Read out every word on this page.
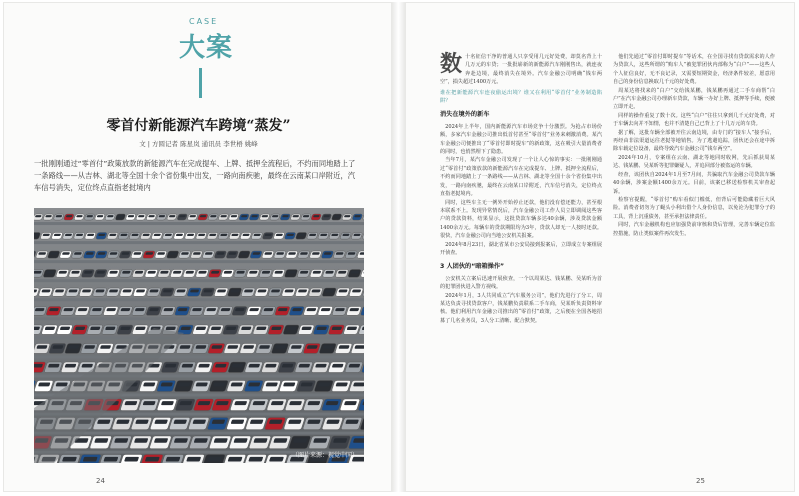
CASE
大案
零首付新能源汽车跨境“蒸发”
文 | 方圆记者 陈星岚 通讯员 李世梧 姚峰
一批刚刚通过“零首付”政策放款的新能源汽车在完成提车、上牌、抵押全流程后，不约而同地踏上了一条路线——从吉林、湖北等全国十余个省份集中出发，一路向南疾驰，最终在云南某口岸附近，汽车信号消失，定位终点直指老挝境内
（图片来源：视觉中国）
24
数 十名征信干净的普通人只享受用几元好处费，却莫名背上十几万元的车贷；一批批崭新的新能源汽车刚刚售出，就连夜奔赴边境，最终消失在境外。汽车金融公司明确“钱车两空”，损失超过1400万元。

谁在把新能源汽车连夜偷运出境？谁又在利用“零首付”业务制造陷阱？

消失在境外的新车

2024年上半年，国内新能源汽车市场竞争十分激烈。为抢占市场份额，多家汽车金融公司推出低首付甚至“零首付”业务来刺激消费。某汽车金融公司便推出了“零首付即时提车”的新政策，这在吸引大量消费者的同时，也悄然埋下了隐患。

当年7月，某汽车金融公司发现了一个让人心惊的事实：一批刚刚通过“零首付”政策放款的新能源汽车在完成提车、上牌、抵押全流程后，不约而同地踏上了一条路线——从吉林、湖北等全国十余个省份集中出发，一路向南疾驰，最终在云南某口岸附近，汽车信号消失，定位终点直指老挝境内。

同时，这些车主无一例外开始停止还款，他们没有偿还能力，甚至根本联系不上。发现异常情况后，汽车金融公司工作人员立即调阅这些客户的贷款资料，结果显示，这批贷款车辆多达40余辆，涉及贷款金额1400余万元。每辆车的贷款期限均为3年，贷款人却无一人按时还款。很快，汽车金融公司向当地公安机关报案。

2024年8月23日，湖北省某市公安局接到报案后，立即成立专案组展开侦查。

3 人团伙的“暗箱操作”

公安机关立案后迅速开展侦查，一个以周某达、钱某鹏、吴某昕为首的犯罪团伙进入警方视线。

2024年1月，3人共同成立“汽车服务公司”，他们先进行了分工，周某达负责寻找贷款客户，钱某鹏负责联系二手车商，吴某昕负责资料审核。他们利用汽车金融公司推出的“零首付”政策，之后便在全国各地招募了几名业务员，3人分工清晰、配合默契。

他们先通过“零首付即时提车”等话术，在全国寻找有贷款需求的人作为贷款人，这些所谓的“购车人”被犯罪团伙内部称为“白户”——这些人个人征信良好，无不良记录，又需要短期资金，经济条件较差，愿意用自己的身份信息换取几千元的好处费。

周某达将找来的“白户”交给钱某鹏，钱某鹏再通过二手车商帮“白户”在汽车金融公司办理新车贷款，车辆一办好上牌、抵押等手续，便被立即开走。

同样的操作重复了数十次。这些“白户”往往只拿到几千元好处费，对于车辆去向并不知情，也并不清楚自己已背上了十几万元的车贷。

据了解，这批车辆全部被开往云南边境，由专门的“接车人”接手后，再经由非法渠道运往老挝等地销售。为了逃避追踪，团伙还会在途中拆除车载定位设备，最终导致汽车金融公司“钱车两空”。

2024年10月，专案组在云南、湖北等地同时收网，先后抓获周某达、钱某鹏、吴某昕等犯罪嫌疑人，并追回部分被盗运的车辆。

经查，该团伙自2024年1月至7月间，共骗取汽车金融公司贷款车辆40余辆，涉案金额1400余万元。目前，该案已移送检察机关审查起诉。

检察官提醒，“零首付”购车看似门槛低，但背后可能隐藏着巨大风险。消费者切勿为了蝇头小利出借个人身份信息，以免沦为犯罪分子的工具，背上沉重债务，甚至承担法律责任。

同时，汽车金融机构也应加强贷前审核和贷后管理，完善车辆定位监控措施，防止类似案件再次发生。

25
